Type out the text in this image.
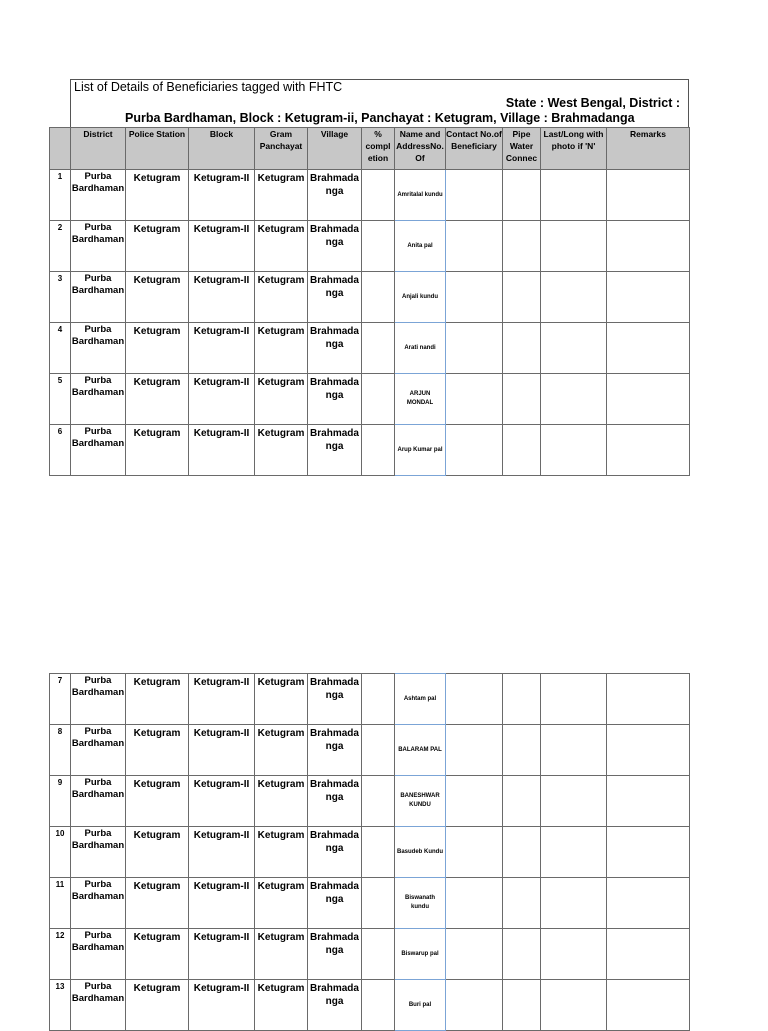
List of Details of Beneficiaries tagged with FHTC
State : West Bengal, District :
Purba Bardhaman, Block : Ketugram-ii, Panchayat : Ketugram, Village : Brahmadanga
	District	Police Station	Block	Gram Panchayat	Village	% compl etion	Name and AddressNo. Of	Contact No.of Beneficiary	Pipe Water Connec	Last/Long with photo if 'N'	Remarks
1	Purba Bardhaman	Ketugram	Ketugram-II	Ketugram	Brahmada nga		Amritalal kundu				
2	Purba Bardhaman	Ketugram	Ketugram-II	Ketugram	Brahmada nga		Anita pal				
3	Purba Bardhaman	Ketugram	Ketugram-II	Ketugram	Brahmada nga		Anjali kundu				
4	Purba Bardhaman	Ketugram	Ketugram-II	Ketugram	Brahmada nga		Arati nandi				
5	Purba Bardhaman	Ketugram	Ketugram-II	Ketugram	Brahmada nga		ARJUN MONDAL				
6	Purba Bardhaman	Ketugram	Ketugram-II	Ketugram	Brahmada nga		Arup Kumar pal				
7	Purba Bardhaman	Ketugram	Ketugram-II	Ketugram	Brahmada nga		Ashtam pal				
8	Purba Bardhaman	Ketugram	Ketugram-II	Ketugram	Brahmada nga		BALARAM PAL				
9	Purba Bardhaman	Ketugram	Ketugram-II	Ketugram	Brahmada nga		BANESHWAR KUNDU				
10	Purba Bardhaman	Ketugram	Ketugram-II	Ketugram	Brahmada nga		Basudeb Kundu				
11	Purba Bardhaman	Ketugram	Ketugram-II	Ketugram	Brahmada nga		Biswanath kundu				
12	Purba Bardhaman	Ketugram	Ketugram-II	Ketugram	Brahmada nga		Biswarup pal				
13	Purba Bardhaman	Ketugram	Ketugram-II	Ketugram	Brahmada nga		Buri pal				
